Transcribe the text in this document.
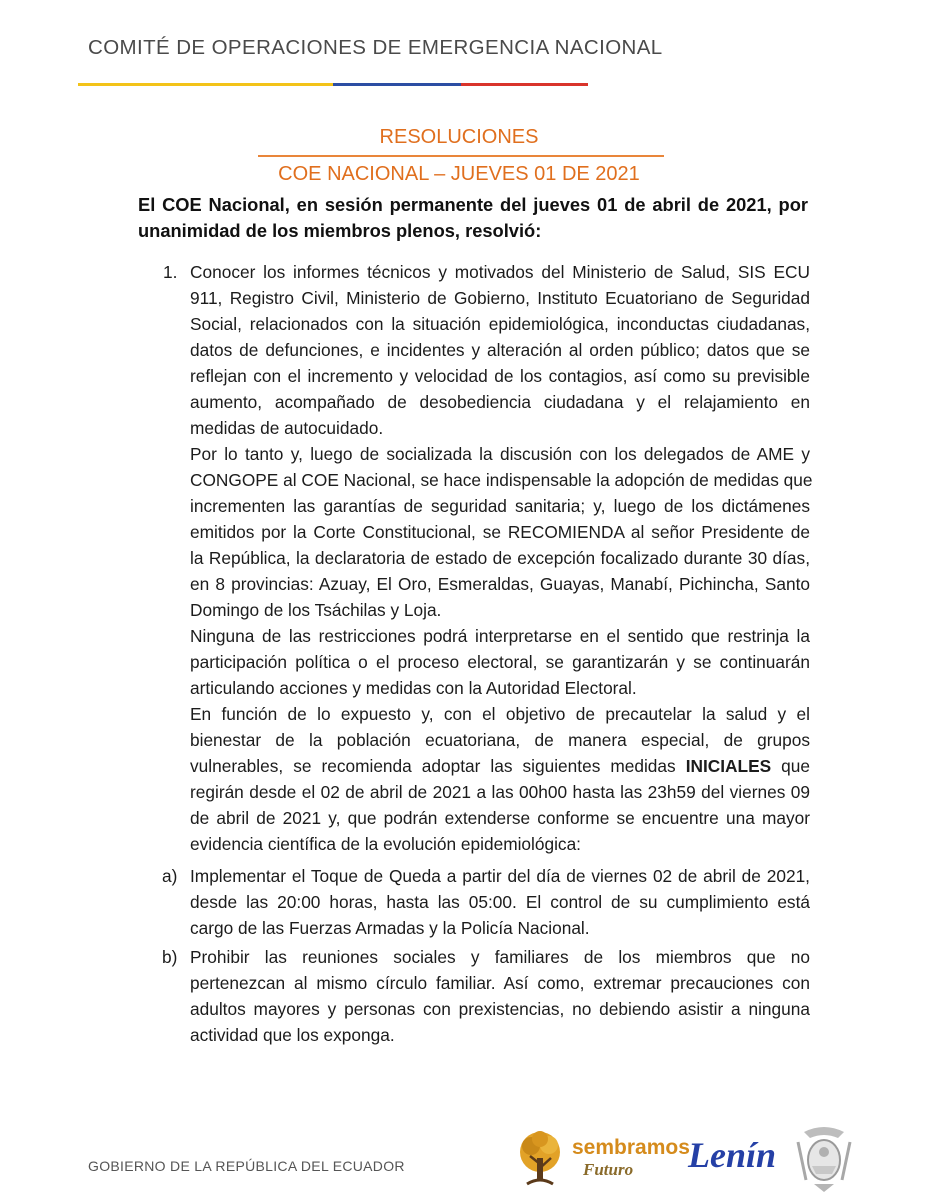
COMITÉ DE OPERACIONES DE EMERGENCIA NACIONAL
RESOLUCIONES
COE NACIONAL – JUEVES 01 DE 2021
El COE Nacional, en sesión permanente del jueves 01 de abril de 2021, por
unanimidad de los miembros plenos, resolvió:
1. Conocer los informes técnicos y motivados del Ministerio de Salud, SIS ECU
911, Registro Civil, Ministerio de Gobierno, Instituto Ecuatoriano de Seguridad
Social, relacionados con la situación epidemiológica, inconductas ciudadanas,
datos de defunciones, e incidentes y alteración al orden público; datos que se
reflejan con el incremento y velocidad de los contagios, así como su previsible
aumento, acompañado de desobediencia ciudadana y el relajamiento en
medidas de autocuidado.
Por lo tanto y, luego de socializada la discusión con los delegados de AME y
CONGOPE al COE Nacional, se hace indispensable la adopción de medidas que
incrementen las garantías de seguridad sanitaria; y, luego de los dictámenes
emitidos por la Corte Constitucional, se RECOMIENDA al señor Presidente de
la República, la declaratoria de estado de excepción focalizado durante 30 días,
en 8 provincias: Azuay, El Oro, Esmeraldas, Guayas, Manabí, Pichincha, Santo
Domingo de los Tsáchilas y Loja.
Ninguna de las restricciones podrá interpretarse en el sentido que restrinja la
participación política o el proceso electoral, se garantizarán y se continuarán
articulando acciones y medidas con la Autoridad Electoral.
En función de lo expuesto y, con el objetivo de precautelar la salud y el
bienestar de la población ecuatoriana, de manera especial, de grupos
vulnerables, se recomienda adoptar las siguientes medidas INICIALES que
regirán desde el 02 de abril de 2021 a las 00h00 hasta las 23h59 del viernes 09
de abril de 2021 y, que podrán extenderse conforme se encuentre una mayor
evidencia científica de la evolución epidemiológica:
a) Implementar el Toque de Queda a partir del día de viernes 02 de abril de 2021,
desde las 20:00 horas, hasta las 05:00. El control de su cumplimiento está
cargo de las Fuerzas Armadas y la Policía Nacional.
b) Prohibir las reuniones sociales y familiares de los miembros que no
pertenezcan al mismo círculo familiar. Así como, extremar precauciones con
adultos mayores y personas con prexistencias, no debiendo asistir a ninguna
actividad que los exponga.
GOBIERNO DE LA REPÚBLICA DEL ECUADOR
sembramos
Futuro Lenín
